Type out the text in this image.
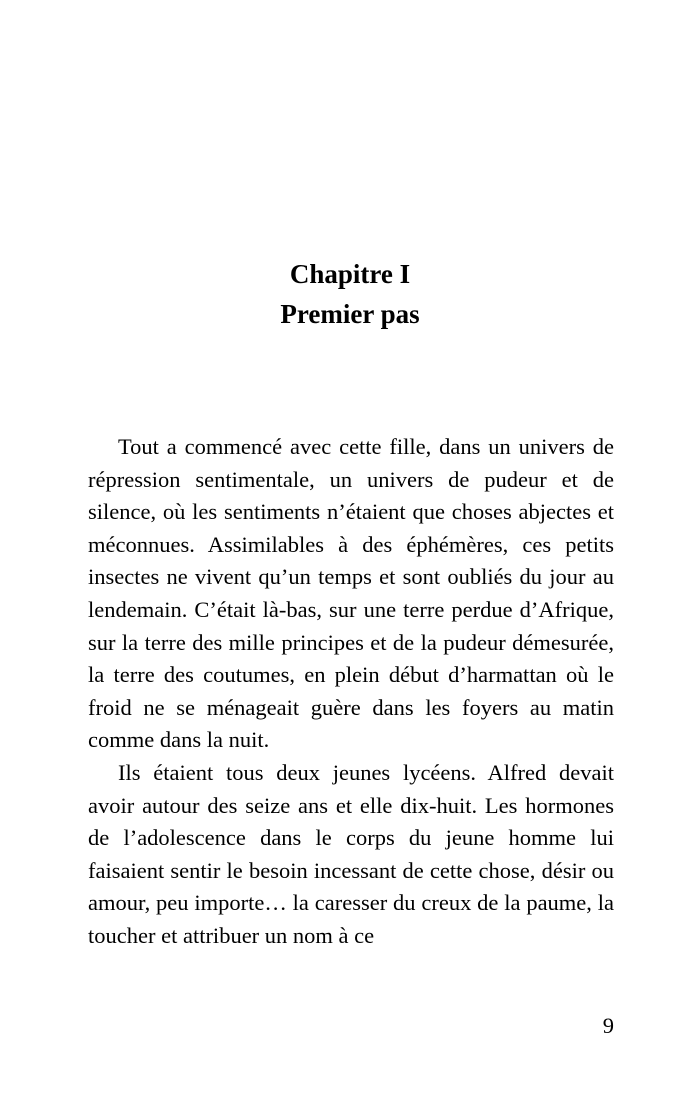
Chapitre I
Premier pas

Tout a commencé avec cette fille, dans un univers de répression sentimentale, un univers de pudeur et de silence, où les sentiments n’étaient que choses abjectes et méconnues. Assimilables à des éphémères, ces petits insectes ne vivent qu’un temps et sont oubliés du jour au lendemain. C’était là-bas, sur une terre perdue d’Afrique, sur la terre des mille principes et de la pudeur démesurée, la terre des coutumes, en plein début d’harmattan où le froid ne se ménageait guère dans les foyers au matin comme dans la nuit.

Ils étaient tous deux jeunes lycéens. Alfred devait avoir autour des seize ans et elle dix-huit. Les hormones de l’adolescence dans le corps du jeune homme lui faisaient sentir le besoin incessant de cette chose, désir ou amour, peu importe… la caresser du creux de la paume, la toucher et attribuer un nom à ce

9
